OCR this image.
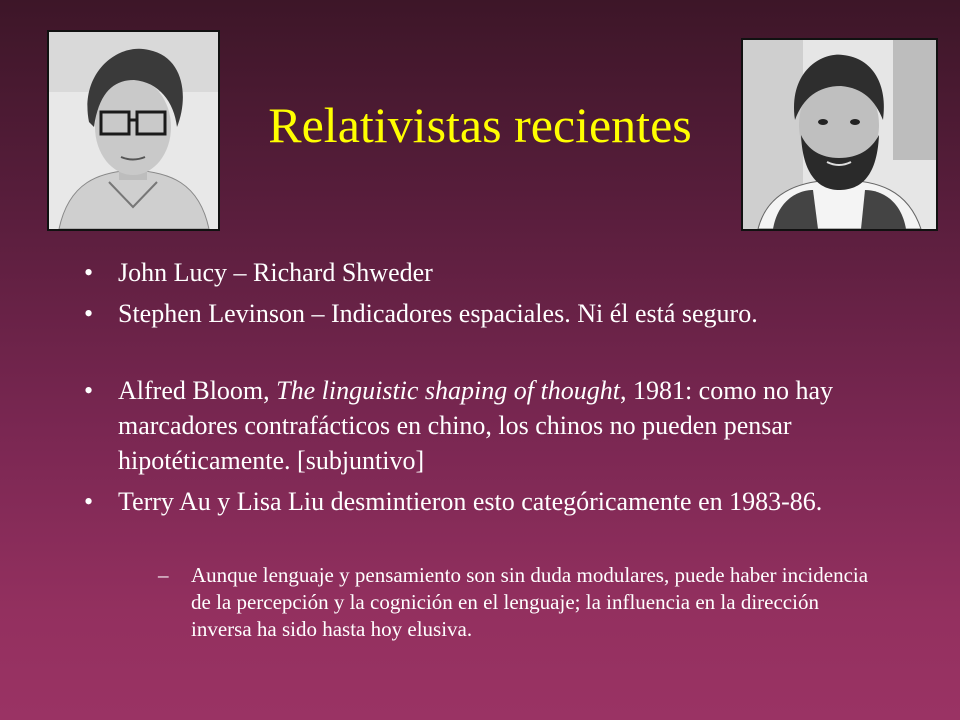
Relativistas recientes
• John Lucy – Richard Shweder
• Stephen Levinson – Indicadores espaciales. Ni él está seguro.
• Alfred Bloom, The linguistic shaping of thought, 1981: como no hay marcadores contrafácticos en chino, los chinos no pueden pensar hipotéticamente. [subjuntivo]
• Terry Au y Lisa Liu desmintieron esto categóricamente en 1983-86.
– Aunque lenguaje y pensamiento son sin duda modulares, puede haber incidencia de la percepción y la cognición en el lenguaje; la influencia en la dirección inversa ha sido hasta hoy elusiva.
